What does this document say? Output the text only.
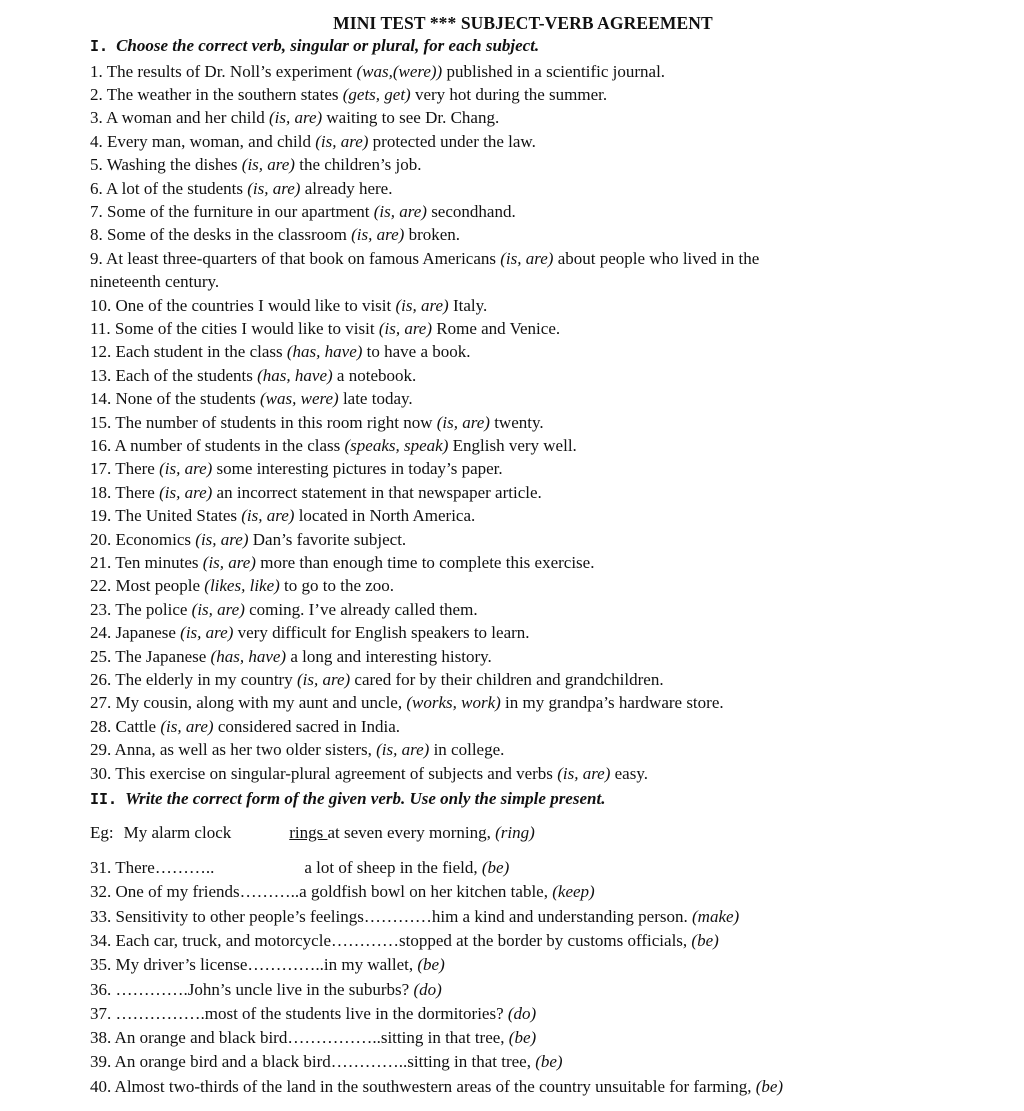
MINI TEST *** SUBJECT-VERB AGREEMENT
I. Choose the correct verb, singular or plural, for each subject.
1. The results of Dr. Noll’s experiment (was,(were)) published in a scientific journal.
2. The weather in the southern states (gets, get) very hot during the summer.
3. A woman and her child (is, are) waiting to see Dr. Chang.
4. Every man, woman, and child (is, are) protected under the law.
5. Washing the dishes (is, are) the children’s job.
6. A lot of the students (is, are) already here.
7. Some of the furniture in our apartment (is, are) secondhand.
8. Some of the desks in the classroom (is, are) broken.
9. At least three-quarters of that book on famous Americans (is, are) about people who lived in the
nineteenth century.
10. One of the countries I would like to visit (is, are) Italy.
11. Some of the cities I would like to visit (is, are) Rome and Venice.
12. Each student in the class (has, have) to have a book.
13. Each of the students (has, have) a notebook.
14. None of the students (was, were) late today.
15. The number of students in this room right now (is, are) twenty.
16. A number of students in the class (speaks, speak) English very well.
17. There (is, are) some interesting pictures in today’s paper.
18. There (is, are) an incorrect statement in that newspaper article.
19. The United States (is, are) located in North America.
20. Economics (is, are) Dan’s favorite subject.
21. Ten minutes (is, are) more than enough time to complete this exercise.
22. Most people (likes, like) to go to the zoo.
23. The police (is, are) coming. I’ve already called them.
24. Japanese (is, are) very difficult for English speakers to learn.
25. The Japanese (has, have) a long and interesting history.
26. The elderly in my country (is, are) cared for by their children and grandchildren.
27. My cousin, along with my aunt and uncle, (works, work) in my grandpa’s hardware store.
28. Cattle (is, are) considered sacred in India.
29. Anna, as well as her two older sisters, (is, are) in college.
30. This exercise on singular-plural agreement of subjects and verbs (is, are) easy.
II. Write the correct form of the given verb. Use only the simple present.
Eg: My alarm clock	rings at seven every morning, (ring)
31. There………..	a lot of sheep in the field, (be)
32. One of my friends………..a goldfish bowl on her kitchen table, (keep)
33. Sensitivity to other people’s feelings…………him a kind and understanding person. (make)
34. Each car, truck, and motorcycle…………stopped at the border by customs officials, (be)
35. My driver’s license…………..in my wallet, (be)
36. ………….John’s uncle live in the suburbs? (do)
37. …………….most of the students live in the dormitories? (do)
38. An orange and black bird……………..sitting in that tree, (be)
39. An orange bird and a black bird…………..sitting in that tree, (be)
40. Almost two-thirds of the land in the southwestern areas of the country unsuitable for farming, (be)
